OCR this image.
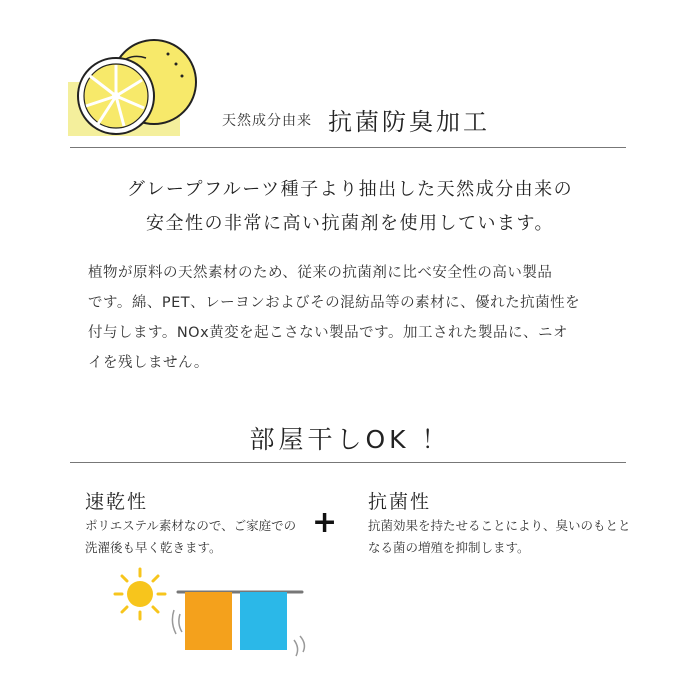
天然成分由来 抗菌防臭加工
グレープフルーツ種子より抽出した天然成分由来の
安全性の非常に高い抗菌剤を使用しています。
植物が原料の天然素材のため、従来の抗菌剤に比べ安全性の高い製品
です。綿、PET、レーヨンおよびその混紡品等の素材に、優れた抗菌性を
付与します。NOx黄変を起こさない製品です。加工された製品に、ニオ
イを残しません。
部屋干しOK ！
速乾性
ポリエステル素材なので、ご家庭での
洗濯後も早く乾きます。
+
抗菌性
抗菌効果を持たせることにより、臭いのもとと
なる菌の増殖を抑制します。
